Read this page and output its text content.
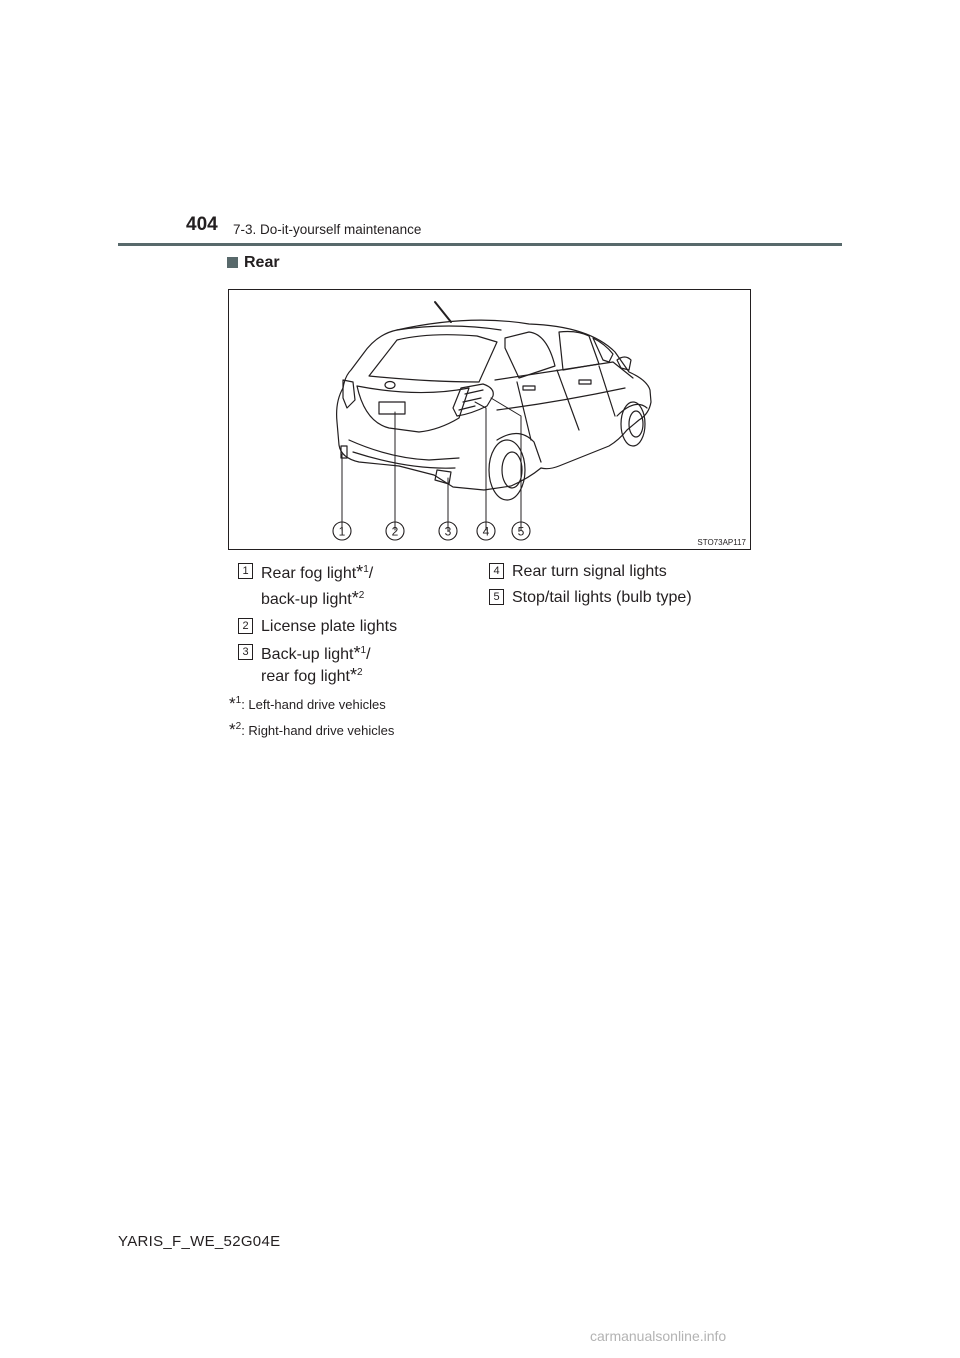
404 7-3. Do-it-yourself maintenance
Rear
1	2	3	4 5
STO73AP117
1 Rear fog light*$^1$/
back-up light*$^2$
2 License plate lights
3 Back-up light*$^1$/
rear fog light*$^2$
4 Rear turn signal lights
5 Stop/tail lights (bulb type)
*$^1$: Left-hand drive vehicles
*$^2$: Right-hand drive vehicles
YARIS_F_WE_52G04E
carmanualsonline.info
